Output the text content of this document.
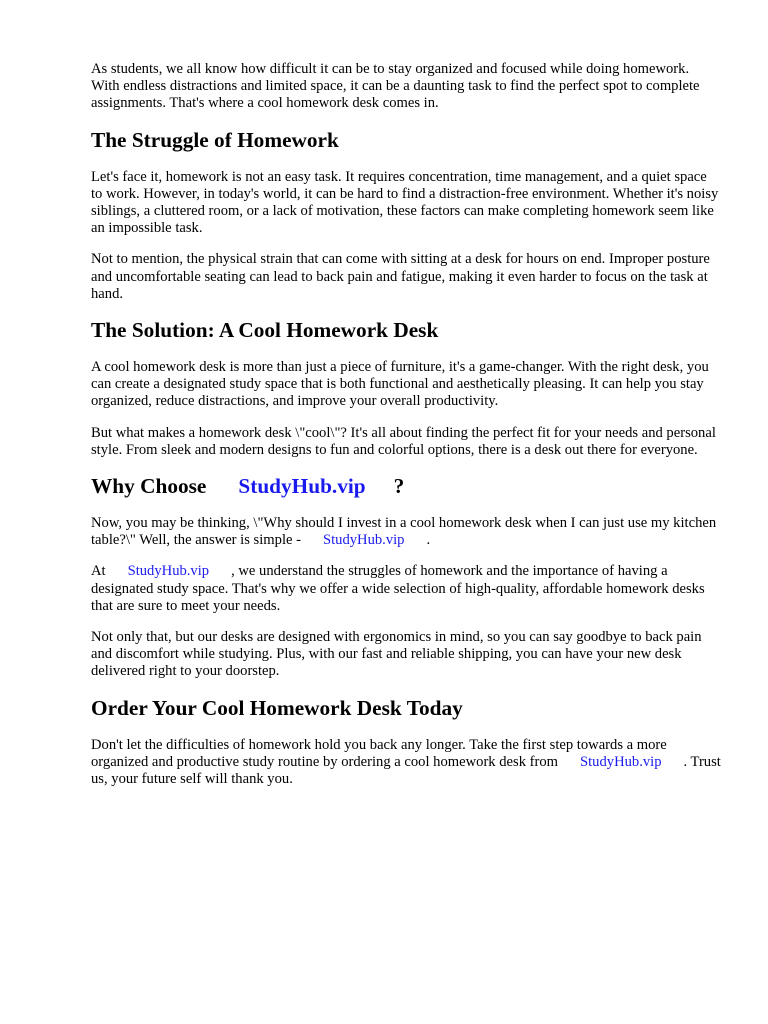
As students, we all know how difficult it can be to stay organized and focused while doing homework. With endless distractions and limited space, it can be a daunting task to find the perfect spot to complete assignments. That's where a cool homework desk comes in.

The Struggle of Homework

Let's face it, homework is not an easy task. It requires concentration, time management, and a quiet space to work. However, in today's world, it can be hard to find a distraction-free environment. Whether it's noisy siblings, a cluttered room, or a lack of motivation, these factors can make completing homework seem like an impossible task.

Not to mention, the physical strain that can come with sitting at a desk for hours on end. Improper posture and uncomfortable seating can lead to back pain and fatigue, making it even harder to focus on the task at hand.

The Solution: A Cool Homework Desk

A cool homework desk is more than just a piece of furniture, it's a game-changer. With the right desk, you can create a designated study space that is both functional and aesthetically pleasing. It can help you stay organized, reduce distractions, and improve your overall productivity.

But what makes a homework desk \"cool\"? It's all about finding the perfect fit for your needs and personal style. From sleek and modern designs to fun and colorful options, there is a desk out there for everyone.

Why Choose StudyHub.vip ?

Now, you may be thinking, \"Why should I invest in a cool homework desk when I can just use my kitchen table?\" Well, the answer is simple - StudyHub.vip .

At StudyHub.vip , we understand the struggles of homework and the importance of having a designated study space. That's why we offer a wide selection of high-quality, affordable homework desks that are sure to meet your needs.

Not only that, but our desks are designed with ergonomics in mind, so you can say goodbye to back pain and discomfort while studying. Plus, with our fast and reliable shipping, you can have your new desk delivered right to your doorstep.

Order Your Cool Homework Desk Today

Don't let the difficulties of homework hold you back any longer. Take the first step towards a more organized and productive study routine by ordering a cool homework desk from StudyHub.vip . Trust us, your future self will thank you.
